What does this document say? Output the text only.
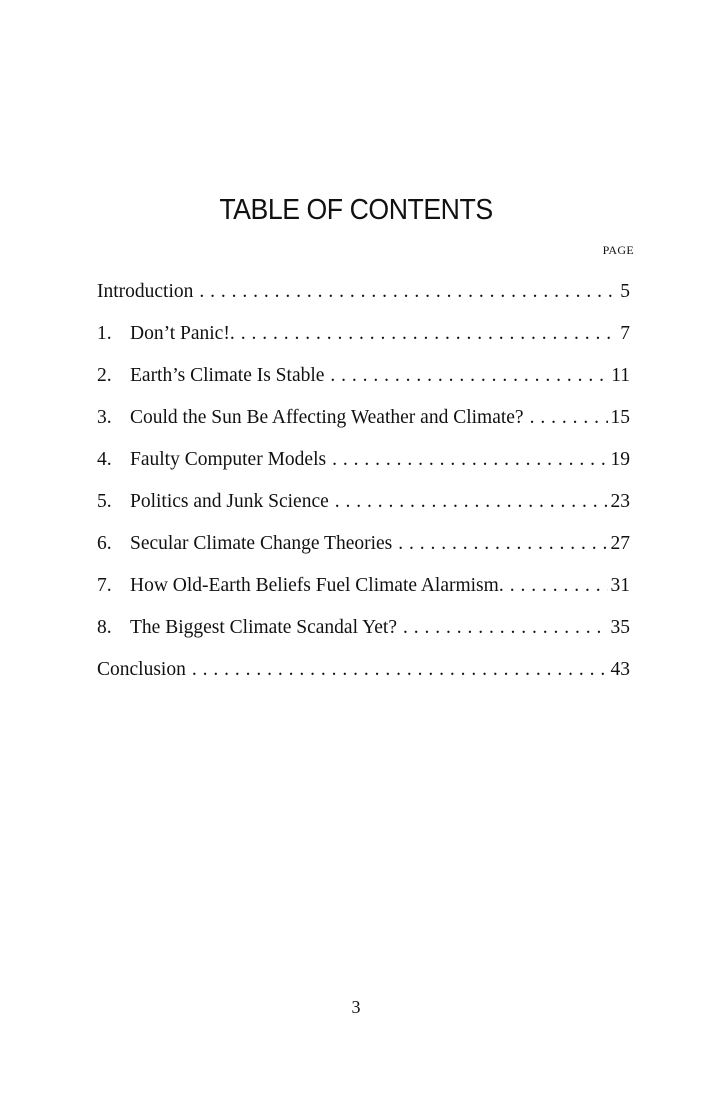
TABLE OF CONTENTS
PAGE
Introduction . . .	5
1. Don’t Panic!. . . .	7
2. Earth’s Climate Is Stable . . .	11
3. Could the Sun Be Affecting Weather and Climate? . . .	15
4. Faulty Computer Models . . .	19
5. Politics and Junk Science . . .	23
6. Secular Climate Change Theories . . .	27
7. How Old-Earth Beliefs Fuel Climate Alarmism. . . .	31
8. The Biggest Climate Scandal Yet? . . .	35
Conclusion . . .	43
3
